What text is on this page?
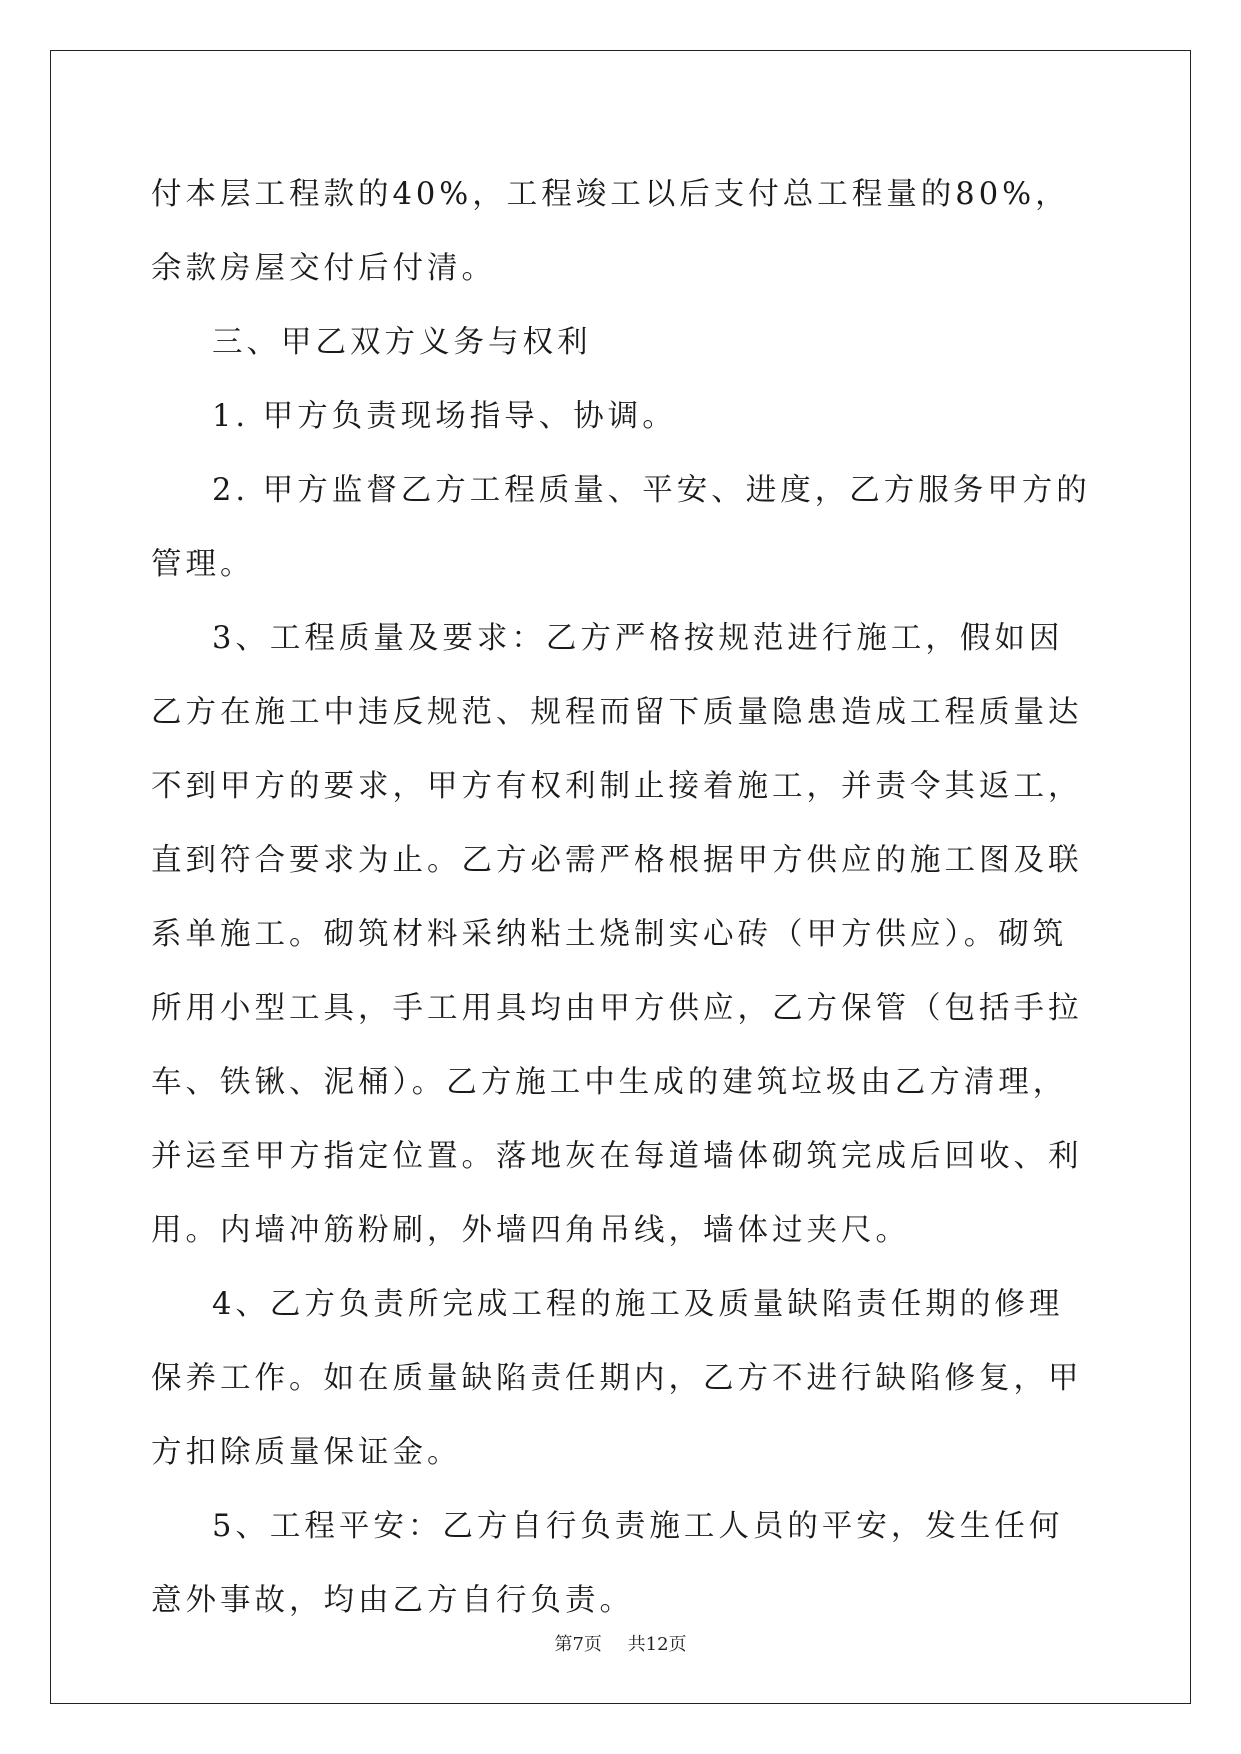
付本层工程款的40%，工程竣工以后支付总工程量的80%，余款房屋交付后付清。

三、甲乙双方义务与权利

1. 甲方负责现场指导、协调。

2. 甲方监督乙方工程质量、平安、进度，乙方服务甲方的管理。

3、工程质量及要求：乙方严格按规范进行施工，假如因乙方在施工中违反规范、规程而留下质量隐患造成工程质量达不到甲方的要求，甲方有权利制止接着施工，并责令其返工，直到符合要求为止。乙方必需严格根据甲方供应的施工图及联系单施工。砌筑材料采纳粘土烧制实心砖（甲方供应）。砌筑所用小型工具，手工用具均由甲方供应，乙方保管（包括手拉车、铁锹、泥桶）。乙方施工中生成的建筑垃圾由乙方清理，并运至甲方指定位置。落地灰在每道墙体砌筑完成后回收、利用。内墙冲筋粉刷，外墙四角吊线，墙体过夹尺。

4、乙方负责所完成工程的施工及质量缺陷责任期的修理保养工作。如在质量缺陷责任期内，乙方不进行缺陷修复，甲方扣除质量保证金。

5、工程平安：乙方自行负责施工人员的平安，发生任何意外事故，均由乙方自行负责。

第7页 共12页
